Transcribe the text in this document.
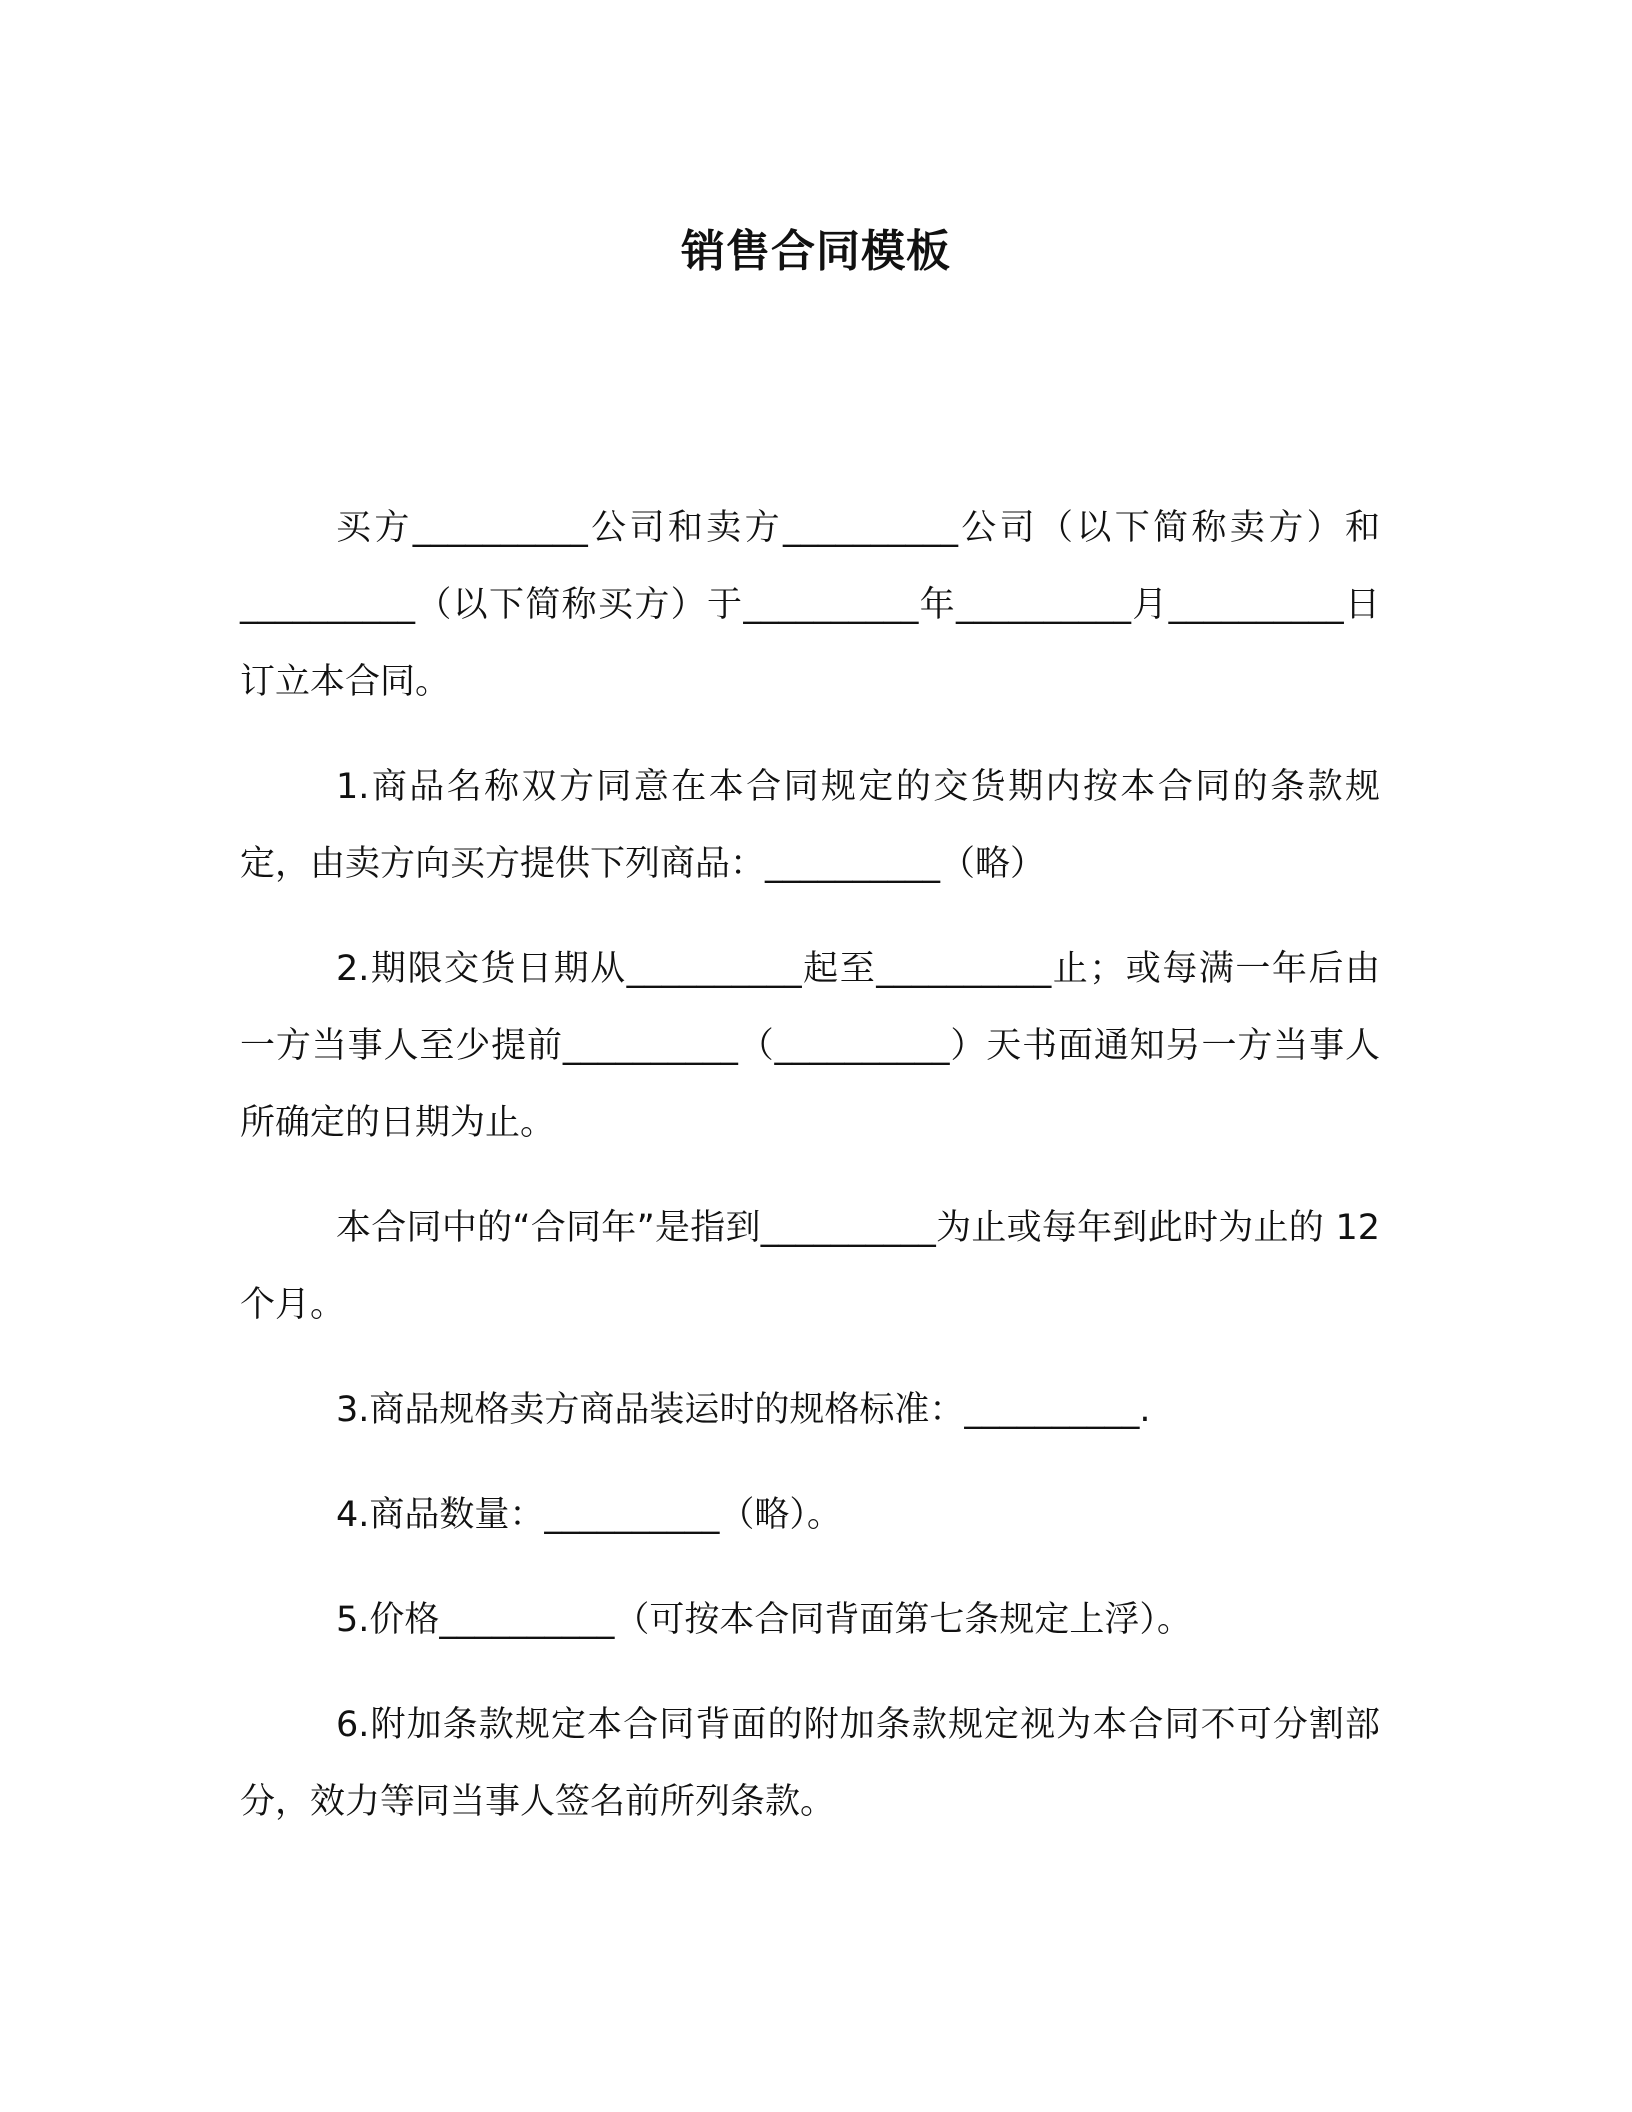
销售合同模板

买方__________公司和卖方__________公司（以下简称卖方）和__________（以下简称买方）于__________年__________月__________日订立本合同。

1.商品名称双方同意在本合同规定的交货期内按本合同的条款规定，由卖方向买方提供下列商品：__________（略）

2.期限交货日期从__________起至__________止；或每满一年后由一方当事人至少提前__________（__________）天书面通知另一方当事人所确定的日期为止。

本合同中的“合同年”是指到__________为止或每年到此时为止的 12 个月。

3.商品规格卖方商品装运时的规格标准：__________.

4.商品数量：__________（略）。

5.价格__________（可按本合同背面第七条规定上浮）。

6.附加条款规定本合同背面的附加条款规定视为本合同不可分割部分，效力等同当事人签名前所列条款。
